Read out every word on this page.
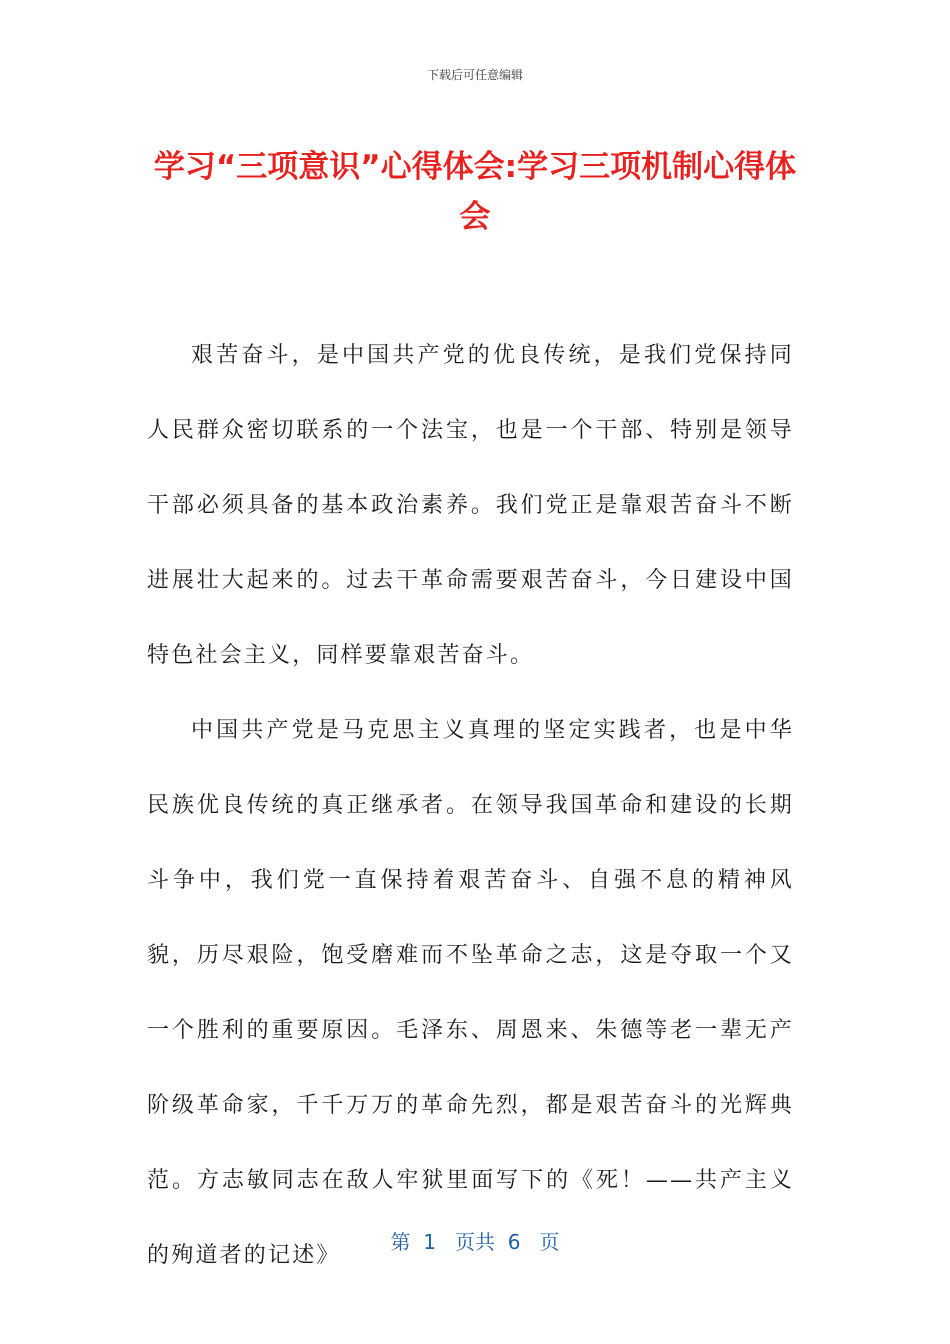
下载后可任意编辑
学习“三项意识”心得体会:学习三项机制心得体会

艰苦奋斗，是中国共产党的优良传统，是我们党保持同人民群众密切联系的一个法宝，也是一个干部、特别是领导干部必须具备的基本政治素养。我们党正是靠艰苦奋斗不断进展壮大起来的。过去干革命需要艰苦奋斗，今日建设中国特色社会主义，同样要靠艰苦奋斗。

中国共产党是马克思主义真理的坚定实践者，也是中华民族优良传统的真正继承者。在领导我国革命和建设的长期斗争中，我们党一直保持着艰苦奋斗、自强不息的精神风貌，历尽艰险，饱受磨难而不坠革命之志，这是夺取一个又一个胜利的重要原因。毛泽东、周恩来、朱德等老一辈无产阶级革命家，千千万万的革命先烈，都是艰苦奋斗的光辉典范。方志敏同志在敌人牢狱里面写下的《死！——共产主义的殉道者的记述》

第  1   页共  6   页
